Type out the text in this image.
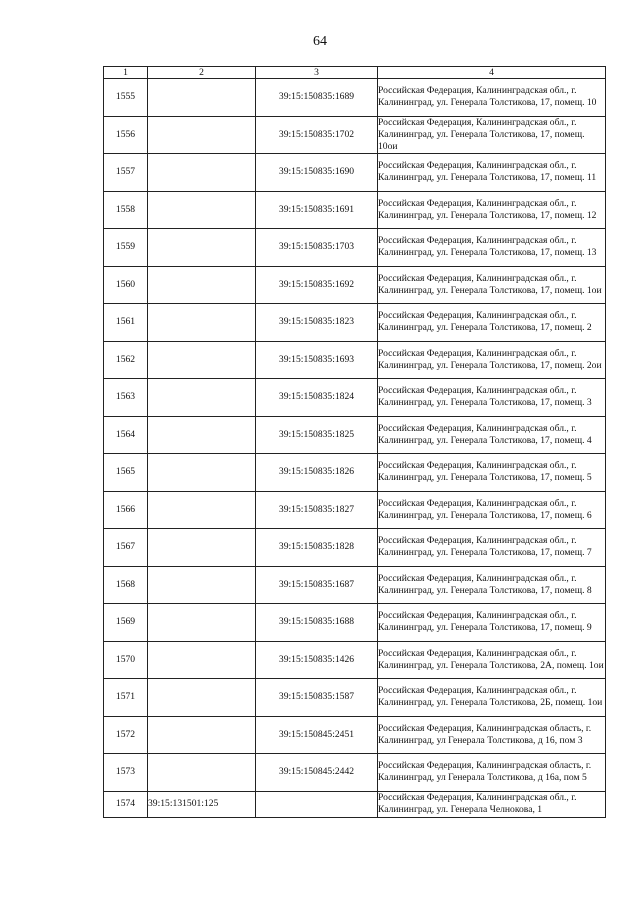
64
1	2	3	4
1555		39:15:150835:1689	Российская Федерация, Калининградская обл., г. Калининград, ул. Генерала Толстикова, 17, помещ. 10
1556		39:15:150835:1702	Российская Федерация, Калининградская обл., г. Калининград, ул. Генерала Толстикова, 17, помещ. 10ои
1557		39:15:150835:1690	Российская Федерация, Калининградская обл., г. Калининград, ул. Генерала Толстикова, 17, помещ. 11
1558		39:15:150835:1691	Российская Федерация, Калининградская обл., г. Калининград, ул. Генерала Толстикова, 17, помещ. 12
1559		39:15:150835:1703	Российская Федерация, Калининградская обл., г. Калининград, ул. Генерала Толстикова, 17, помещ. 13
1560		39:15:150835:1692	Российская Федерация, Калининградская обл., г. Калининград, ул. Генерала Толстикова, 17, помещ. 1ои
1561		39:15:150835:1823	Российская Федерация, Калининградская обл., г. Калининград, ул. Генерала Толстикова, 17, помещ. 2
1562		39:15:150835:1693	Российская Федерация, Калининградская обл., г. Калининград, ул. Генерала Толстикова, 17, помещ. 2ои
1563		39:15:150835:1824	Российская Федерация, Калининградская обл., г. Калининград, ул. Генерала Толстикова, 17, помещ. 3
1564		39:15:150835:1825	Российская Федерация, Калининградская обл., г. Калининград, ул. Генерала Толстикова, 17, помещ. 4
1565		39:15:150835:1826	Российская Федерация, Калининградская обл., г. Калининград, ул. Генерала Толстикова, 17, помещ. 5
1566		39:15:150835:1827	Российская Федерация, Калининградская обл., г. Калининград, ул. Генерала Толстикова, 17, помещ. 6
1567		39:15:150835:1828	Российская Федерация, Калининградская обл., г. Калининград, ул. Генерала Толстикова, 17, помещ. 7
1568		39:15:150835:1687	Российская Федерация, Калининградская обл., г. Калининград, ул. Генерала Толстикова, 17, помещ. 8
1569		39:15:150835:1688	Российская Федерация, Калининградская обл., г. Калининград, ул. Генерала Толстикова, 17, помещ. 9
1570		39:15:150835:1426	Российская Федерация, Калининградская обл., г. Калининград, ул. Генерала Толстикова, 2А, помещ. 1ои
1571		39:15:150835:1587	Российская Федерация, Калининградская обл., г. Калининград, ул. Генерала Толстикова, 2Б, помещ. 1ои
1572		39:15:150845:2451	Российская Федерация, Калининградская область, г. Калининград, ул Генерала Толстикова, д 16, пом 3
1573		39:15:150845:2442	Российская Федерация, Калининградская область, г. Калининград, ул Генерала Толстикова, д 16а, пом 5
1574	39:15:131501:125		Российская Федерация, Калининградская обл., г. Калининград, ул. Генерала Челнокова, 1
